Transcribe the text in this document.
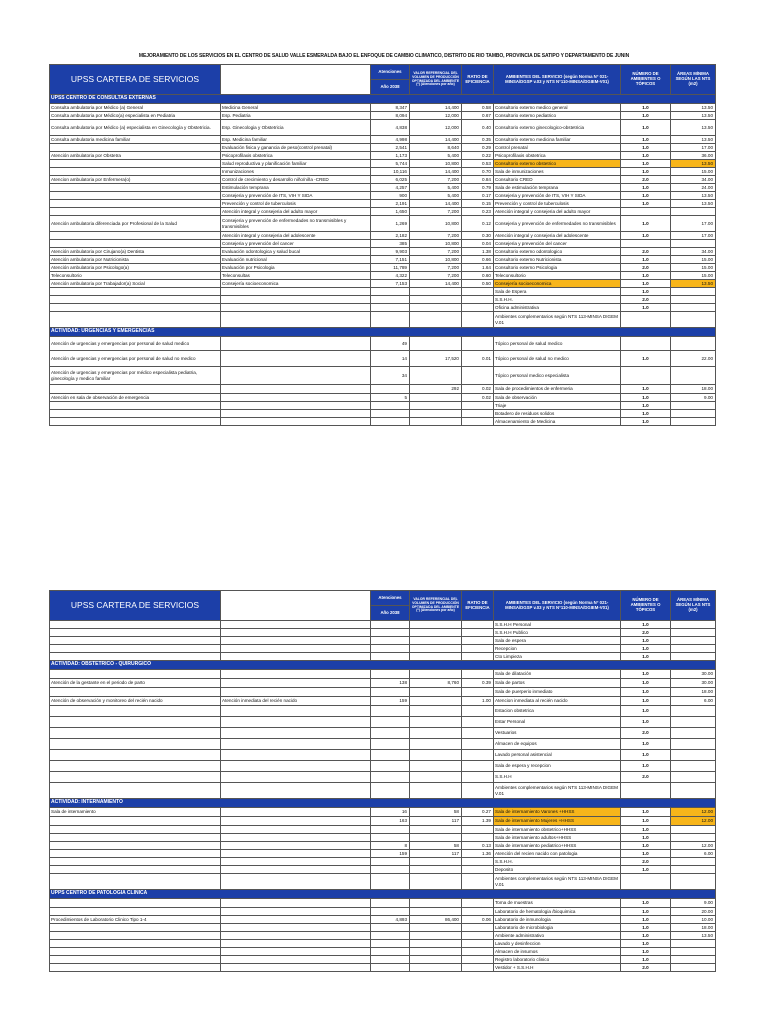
MEJORAMIENTO DE LOS SERVICIOS EN EL CENTRO DE SALUD VALLE ESMERALDA BAJO EL ENFOQUE DE CAMBIO CLIMATICO, DISTRITO DE RIO TAMBO, PROVINCIA DE SATIPO Y DEPARTAMENTO DE JUNIN
UPSS CARTERA DE SERVICIOS		Atenciones	VALOR REFERENCIAL DEL VOLUMEN DE PRODUCCIÓN OPTIMIZADA DEL AMBIENTE (*) (Atenciones por año)	RATIO DE EFICIENCIA	AMBIENTES DEL SERVICIO (según Norma N° 021-MINSA/DGSP v.03 y NTS N°110-MINSA/DGIEM-V01)	NÚMERO DE AMBIENTES O TÓPICOS	ÁREAS MÍNIMA SEGÚN LAS NTS (m2)
		Año 2038					
UPSS CENTRO DE CONSULTAS EXTERNAS							
Consulta ambulatoria por Médico (a) General	Medicina General	8,347	14,400	0.58	Consultorio externo medico general	1.0	13.50
Consulta ambulatoria por Médico(a) especialista en Pediatria	Esp. Pediatria	8,094	12,000	0.67	Consultorio externo pediatrico	1.0	13.50
Consulta ambulatoria por Médico (a) especialista en Ginecología y Obstetricia.	Esp. Ginecologia y Obstetricia	4,838	12,000	0.40	Consultorio externo ginecologico-obstetricia	1.0	13.50
Consulta ambulatoria medicina familiar	Esp. Medicina familiar	4,998	14,400	0.35	Consultorio externo medicina familiar	1.0	13.50
	Evaluación fisica y ganancia de peso(control prenatal)	2,541	8,640	0.29	Control prenatal	1.0	17.00
Atención ambulatoria por Obstetra	Psicoprofilaxis obstetrica	1,173	5,400	0.22	Psicoprofilaxis obstetrica	1.0	36.00
	Salud reproductiva y planificación familiar	5,744	10,800	0.53	Consultorio externo obstetrico	1.0	13.50
	Inmunizaciones	10,116	14,400	0.70	Sala de inmunizaciones	1.0	15.00
Atencion ambulatoria por Enfermera(o)	Control de crecimiento y desarrollo niño/niña -CRED	6,025	7,200	0.84	Consultorio CRED	2.0	34.00
	Estimulación temprana	4,257	5,400	0.79	Sala de estimulación temprana	1.0	24.00
	Consejeria y prevención de ITS, VIH Y SIDA	900	5,400	0.17	Consejeria y prevención de ITS, VIH Y SIDA	1.0	13.50
	Prevención y control de tuberculosis	2,191	14,400	0.15	Prevención y control de tuberculosis	1.0	13.50
	Atención integral y consejeria del adulto mayor	1,650	7,200	0.23	Atención integral y consejeria del adulto mayor		
Atención ambulatoria diferenciada por Profesional de la Salud	Consejeria y prevención de enfermedades no transmisibles y transmisibles	1,269	10,800	0.12	Consejeria y prevención de enfermedades no transmisibles	1.0	17.00
	Atención integral y consejeria del adolescente	2,182	7,200	0.30	Atención integral y consejeria del adolescente	1.0	17.00
	Consejeria y prevención del cancer	385	10,800	0.04	Consejeria y prevención del cancer		
Atención ambulatoria por Cirujano(a) Dentista	Evaluación odontologica y salud bucal	9,903	7,200	1.38	Consultorio externo odontologico	2.0	34.00
Atención ambulatoria por Nutricionista	Evaluación nutricional	7,151	10,800	0.66	Consultorio externo Nutricionista	1.0	15.00
Atención ambulatoria por Psicologo(a)	Evaluación por Psicologia	11,789	7,200	1.64	Consultorio externo Psicologia	2.0	15.00
Teleconsultorio	Teleconsultas	4,322	7,200	0.60	Teleconsultorio	1.0	15.00
Atención ambulatoria por Trabajador(a) Social	Consejería socioeconomica	7,153	14,400	0.50	Consejería socioeconomica	1.0	13.50
					Sala de Espera	1.0	
					S.S.H.H.	2.0	
					Oficina administrativa	1.0	
					Ambientes complementarios según NTS 113-MINSA DIGEM V.01		
ACTIVIDAD: URGENCIAS Y EMERGENCIAS							
Atención de urgencias y emergencias por personal de salud medico		49			Tópico personal de salud medico		
Atención de urgencias y emergencias por personal de salud no medico		14	17,520	0.01	Tópico personal de salud no medico	1.0	22.00
Atención de urgencias y emergencias por médico especialista pediatria, ginecología y medico familiar		34			Tópico personal medico especialista		
			292	0.02	Sala de procedimientos de enfermeria	1.0	18.00
Atención en sala de observación de emergencia		5		0.02	Sala de observación	1.0	9.00
					Triaje	1.0	
					Botadero de residuos solidos	1.0	
					Almacenamiento de Medicina	1.0	
UPSS CARTERA DE SERVICIOS		Atenciones	VALOR REFERENCIAL DEL VOLUMEN DE PRODUCCIÓN OPTIMIZADA DEL AMBIENTE (*) (Atenciones por año)	RATIO DE EFICIENCIA	AMBIENTES DEL SERVICIO (según Norma N° 021-MINSA/DGSP v.03 y NTS N°110-MINSA/DGIEM-V01)	NÚMERO DE AMBIENTES O TÓPICOS	ÁREAS MÍNIMA SEGÚN LAS NTS (m2)
		Año 2038					
					S.S.H.H Personal	1.0	
					S.S.H.H Publico	2.0	
					Sala de espera	1.0	
					Recepcion	1.0	
					Cto Limpieza	1.0	
ACTIVIDAD: OBSTETRICO - QUIRURGICO							
					Sala de dilatación	1.0	30.00
Atención de la gestante en el periodo de parto		138	8,760	0.39	Sala de partos	1.0	30.00
					Sala de puerperio inmediato	1.0	18.00
Atención de observación y monitoreo del recién nacido	Atención inmediata del recién nacido	159		1.00	Atencion inmediata al recién nacido	1.0	6.00
					Estacion obstetrica	1.0	
					Estar Personal	1.0	
					Vestuarios	2.0	
					Almacen de equipos	1.0	
					Lavado personal asistencial	1.0	
					Sala de espera y recepcion	1.0	
					S.S.H.H	2.0	
					Ambientes complementarios según NTS 113-MINSA DIGEM V.01		
ACTIVIDAD: INTERNAMIENTO							
Sala de internamiento		16	58	0.27	Sala de internamiento Varones +HHSS	1.0	12.00
		163	117	1.39	Sala de internamiento Mujeres +HHSS	1.0	12.00
					Sala de internamiento obstetrico+HHSS	1.0	
					Sala de internamiento adultos+HHSS	1.0	
		8	58	0.13	Sala de internamiento pediatrico+HHSS	1.0	12.00
		159	117	1.36	Atención del recien nacido con patologia	1.0	6.00
					S.S.H.H.	2.0	
					Deposito	1.0	
					Ambientes complementarios según NTS 113-MINSA DIGEM V.01		
UPPS CENTRO DE PATOLOGÍA CLINICA							
					Toma de muestras	1.0	9.00
					Laboratorio de hematologia /bioquimica	1.0	20.00
Procedimientos de Laboratorio Clinico Tipo 1-4		4,893	86,400	0.06	Laboratorio de inmunologia	1.0	10.00
					Laboratorio de microbiologia	1.0	18.00
					Ambiente administrativo	1.0	13.50
					Lavado y desinfeccion	1.0	
					Almacen de insumos	1.0	
					Registro laboratorio clinico	1.0	
					Vestidor + S.S.H.H	2.0	
